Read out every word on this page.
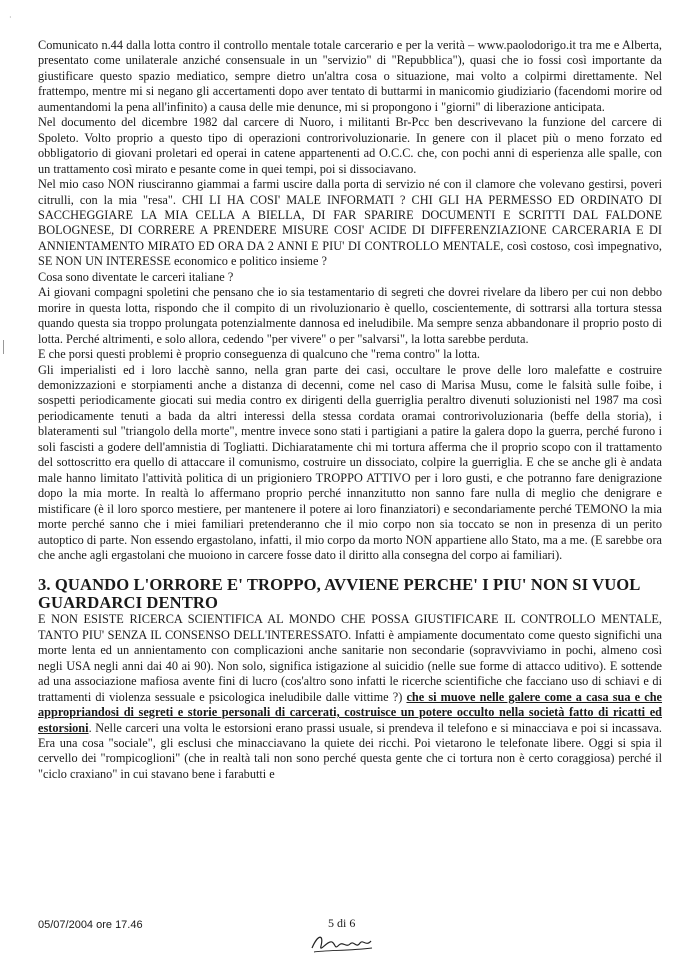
·

Comunicato n.44 dalla lotta contro il controllo mentale totale carcerario e per la verità – www.paolodorigo.it tra me e Alberta, presentato come unilaterale anziché consensuale in un "servizio" di "Repubblica"), quasi che io fossi così importante da giustificare questo spazio mediatico, sempre dietro un'altra cosa o situazione, mai volto a colpirmi direttamente. Nel frattempo, mentre mi si negano gli accertamenti dopo aver tentato di buttarmi in manicomio giudiziario (facendomi morire od aumentandomi la pena all'infinito) a causa delle mie denunce, mi si propongono i "giorni" di liberazione anticipata.

Nel documento del dicembre 1982 dal carcere di Nuoro, i militanti Br-Pcc ben descrivevano la funzione del carcere di Spoleto. Volto proprio a questo tipo di operazioni controrivoluzionarie. In genere con il placet più o meno forzato ed obbligatorio di giovani proletari ed operai in catene appartenenti ad O.C.C. che, con pochi anni di esperienza alle spalle, con un trattamento così mirato e pesante come in quei tempi, poi si dissociavano.

Nel mio caso NON riusciranno giammai a farmi uscire dalla porta di servizio né con il clamore che volevano gestirsi, poveri citrulli, con la mia "resa". CHI LI HA COSI' MALE INFORMATI ? CHI GLI HA PERMESSO ED ORDINATO DI SACCHEGGIARE LA MIA CELLA A BIELLA, DI FAR SPARIRE DOCUMENTI E SCRITTI DAL FALDONE BOLOGNESE, DI CORRERE A PRENDERE MISURE COSI' ACIDE DI DIFFERENZIAZIONE CARCERARIA E DI ANNIENTAMENTO MIRATO ED ORA DA 2 ANNI E PIU' DI CONTROLLO MENTALE, così costoso, così impegnativo, SE NON UN INTERESSE economico e politico insieme ?

Cosa sono diventate le carceri italiane ?

Ai giovani compagni spoletini che pensano che io sia testamentario di segreti che dovrei rivelare da libero per cui non debbo morire in questa lotta, rispondo che il compito di un rivoluzionario è quello, coscientemente, di sottrarsi alla tortura stessa quando questa sia troppo prolungata potenzialmente dannosa ed ineludibile. Ma sempre senza abbandonare il proprio posto di lotta. Perché altrimenti, e solo allora, cedendo "per vivere" o per "salvarsi", la lotta sarebbe perduta.

E che porsi questi problemi è proprio conseguenza di qualcuno che "rema contro" la lotta.

Gli imperialisti ed i loro lacchè sanno, nella gran parte dei casi, occultare le prove delle loro malefatte e costruire demonizzazioni e storpiamenti anche a distanza di decenni, come nel caso di Marisa Musu, come le falsità sulle foibe, i sospetti periodicamente giocati sui media contro ex dirigenti della guerriglia peraltro divenuti soluzionisti nel 1987 ma così periodicamente tenuti a bada da altri interessi della stessa cordata oramai controrivoluzionaria (beffe della storia), i blateramenti sul "triangolo della morte", mentre invece sono stati i partigiani a patire la galera dopo la guerra, perché furono i soli fascisti a godere dell'amnistia di Togliatti. Dichiaratamente chi mi tortura afferma che il proprio scopo con il trattamento del sottoscritto era quello di attaccare il comunismo, costruire un dissociato, colpire la guerriglia. E che se anche gli è andata male hanno limitato l'attività politica di un prigioniero TROPPO ATTIVO per i loro gusti, e che potranno fare denigrazione dopo la mia morte. In realtà lo affermano proprio perché innanzitutto non sanno fare nulla di meglio che denigrare e mistificare (è il loro sporco mestiere, per mantenere il potere ai loro finanziatori) e secondariamente perché TEMONO la mia morte perché sanno che i miei familiari pretenderanno che il mio corpo non sia toccato se non in presenza di un perito autoptico di parte. Non essendo ergastolano, infatti, il mio corpo da morto NON appartiene allo Stato, ma a me. (E sarebbe ora che anche agli ergastolani che muoiono in carcere fosse dato il diritto alla consegna del corpo ai familiari).

3. QUANDO L'ORRORE E' TROPPO, AVVIENE PERCHE' I PIU' NON SI VUOL GUARDARCI DENTRO

E NON ESISTE RICERCA SCIENTIFICA AL MONDO CHE POSSA GIUSTIFICARE IL CONTROLLO MENTALE, TANTO PIU' SENZA IL CONSENSO DELL'INTERESSATO. Infatti è ampiamente documentato come questo significhi una morte lenta ed un annientamento con complicazioni anche sanitarie non secondarie (sopravviviamo in pochi, almeno così negli USA negli anni dai 40 ai 90). Non solo, significa istigazione al suicidio (nelle sue forme di attacco uditivo). E sottende ad una associazione mafiosa avente fini di lucro (cos'altro sono infatti le ricerche scientifiche che facciano uso di schiavi e di trattamenti di violenza sessuale e psicologica ineludibile dalle vittime ?) che si muove nelle galere come a casa sua e che appropriandosi di segreti e storie personali di carcerati, costruisce un potere occulto nella società fatto di ricatti ed estorsioni. Nelle carceri una volta le estorsioni erano prassi usuale, si prendeva il telefono e si minacciava e poi si incassava. Era una cosa "sociale", gli esclusi che minacciavano la quiete dei ricchi. Poi vietarono le telefonate libere. Oggi si spia il cervello dei "rompicoglioni" (che in realtà tali non sono perché questa gente che ci tortura non è certo coraggiosa) perché il "ciclo craxiano" in cui stavano bene i farabutti e

05/07/2004 ore 17.46	5 di 6
